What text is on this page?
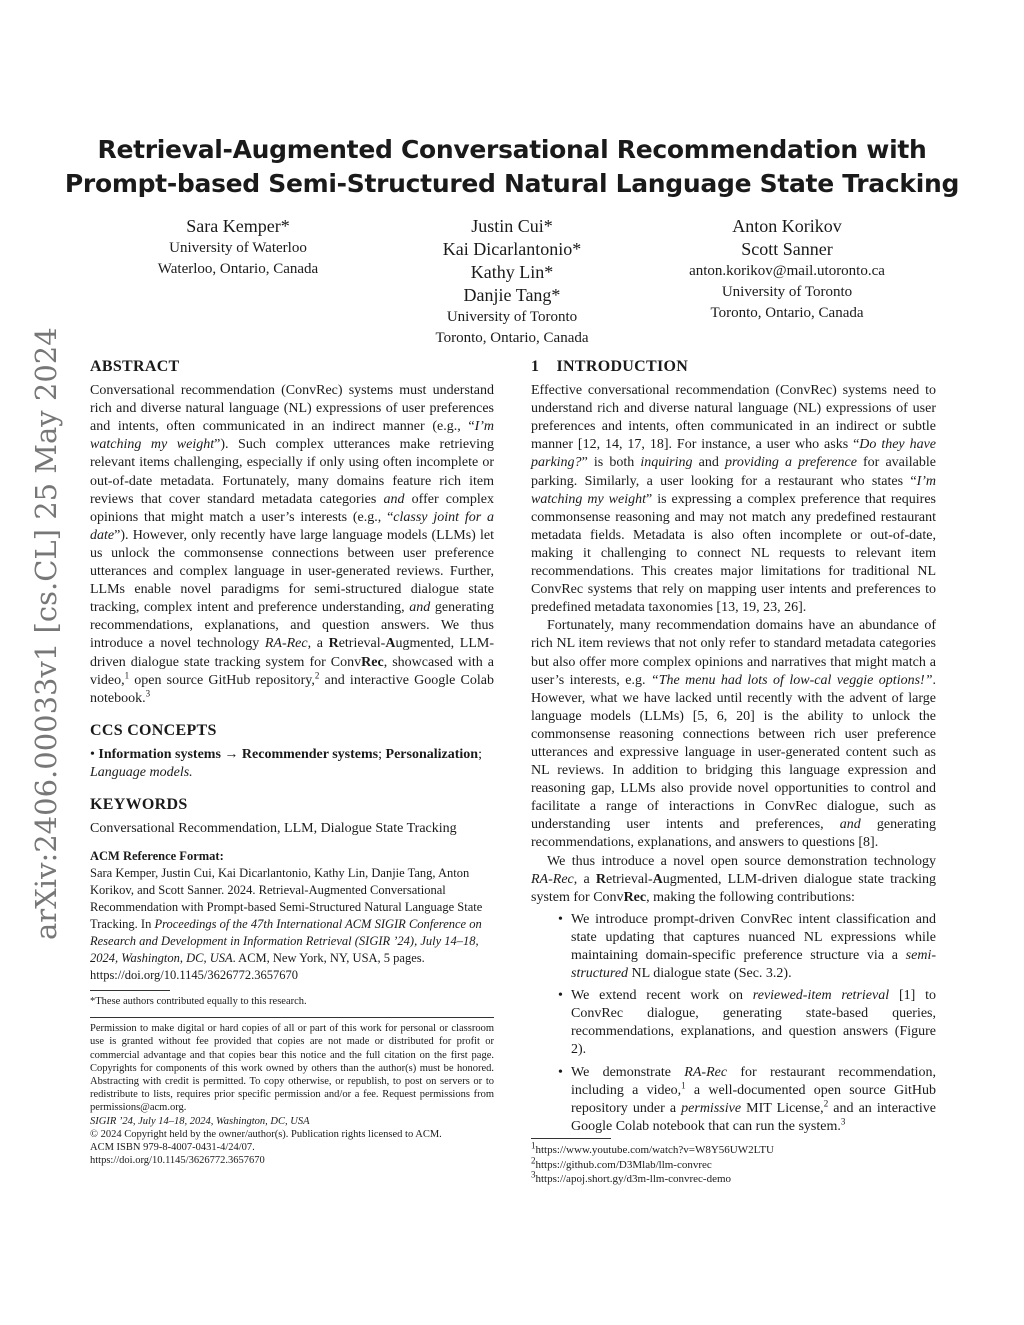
arXiv:2406.00033v1 [cs.CL] 25 May 2024
Retrieval-Augmented Conversational Recommendation with
Prompt-based Semi-Structured Natural Language State Tracking
Sara Kemper*
University of Waterloo
Waterloo, Ontario, Canada
Justin Cui*
Kai Dicarlantonio*
Kathy Lin*
Danjie Tang*
University of Toronto
Toronto, Ontario, Canada
Anton Korikov
Scott Sanner
anton.korikov@mail.utoronto.ca
University of Toronto
Toronto, Ontario, Canada
ABSTRACT

Conversational recommendation (ConvRec) systems must understand rich and diverse natural language (NL) expressions of user preferences and intents, often communicated in an indirect manner (e.g., “I’m watching my weight”). Such complex utterances make retrieving relevant items challenging, especially if only using often incomplete or out-of-date metadata. Fortunately, many domains feature rich item reviews that cover standard metadata categories and offer complex opinions that might match a user’s interests (e.g., “classy joint for a date”). However, only recently have large language models (LLMs) let us unlock the commonsense connections between user preference utterances and complex language in user-generated reviews. Further, LLMs enable novel paradigms for semi-structured dialogue state tracking, complex intent and preference understanding, and generating recommendations, explanations, and question answers. We thus introduce a novel technology RA-Rec, a Retrieval-Augmented, LLM-driven dialogue state tracking system for ConvRec, showcased with a video,$^1$ open source GitHub repository,$^2$ and interactive Google Colab notebook.$^3$

CCS CONCEPTS

• Information systems → Recommender systems; Personalization; Language models.

KEYWORDS

Conversational Recommendation, LLM, Dialogue State Tracking

ACM Reference Format:
Sara Kemper, Justin Cui, Kai Dicarlantonio, Kathy Lin, Danjie Tang, Anton Korikov, and Scott Sanner. 2024. Retrieval-Augmented Conversational Recommendation with Prompt-based Semi-Structured Natural Language State Tracking. In Proceedings of the 47th International ACM SIGIR Conference on Research and Development in Information Retrieval (SIGIR ’24), July 14–18, 2024, Washington, DC, USA. ACM, New York, NY, USA, 5 pages. https://doi.org/10.1145/3626772.3657670
*These authors contributed equally to this research.
Permission to make digital or hard copies of all or part of this work for personal or classroom use is granted without fee provided that copies are not made or distributed for profit or commercial advantage and that copies bear this notice and the full citation on the first page. Copyrights for components of this work owned by others than the author(s) must be honored. Abstracting with credit is permitted. To copy otherwise, or republish, to post on servers or to redistribute to lists, requires prior specific permission and/or a fee. Request permissions from permissions@acm.org.
SIGIR ’24, July 14–18, 2024, Washington, DC, USA
© 2024 Copyright held by the owner/author(s). Publication rights licensed to ACM.
ACM ISBN 979-8-4007-0431-4/24/07.
https://doi.org/10.1145/3626772.3657670
1    INTRODUCTION

Effective conversational recommendation (ConvRec) systems need to understand rich and diverse natural language (NL) expressions of user preferences and intents, often communicated in an indirect or subtle manner [12, 14, 17, 18]. For instance, a user who asks “Do they have parking?” is both inquiring and providing a preference for available parking. Similarly, a user looking for a restaurant who states “I’m watching my weight” is expressing a complex preference that requires commonsense reasoning and may not match any predefined restaurant metadata fields. Metadata is also often incomplete or out-of-date, making it challenging to connect NL requests to relevant item recommendations. This creates major limitations for traditional NL ConvRec systems that rely on mapping user intents and preferences to predefined metadata taxonomies [13, 19, 23, 26].

Fortunately, many recommendation domains have an abundance of rich NL item reviews that not only refer to standard metadata categories but also offer more complex opinions and narratives that might match a user’s interests, e.g. “The menu had lots of low-cal veggie options!”. However, what we have lacked until recently with the advent of large language models (LLMs) [5, 6, 20] is the ability to unlock the commonsense reasoning connections between rich user preference utterances and expressive language in user-generated content such as NL reviews. In addition to bridging this language expression and reasoning gap, LLMs also provide novel opportunities to control and facilitate a range of interactions in ConvRec dialogue, such as understanding user intents and preferences, and generating recommendations, explanations, and answers to questions [8].

We thus introduce a novel open source demonstration technology RA-Rec, a Retrieval-Augmented, LLM-driven dialogue state tracking system for ConvRec, making the following contributions:

• We introduce prompt-driven ConvRec intent classification and state updating that captures nuanced NL expressions while maintaining domain-specific preference structure via a semi-structured NL dialogue state (Sec. 3.2).
• We extend recent work on reviewed-item retrieval [1] to ConvRec dialogue, generating state-based queries, recommendations, explanations, and question answers (Figure 2).
• We demonstrate RA-Rec for restaurant recommendation, including a video,$^1$ a well-documented open source GitHub repository under a permissive MIT License,$^2$ and an interactive Google Colab notebook that can run the system.$^3$
$^1$https://www.youtube.com/watch?v=W8Y56UW2LTU
$^2$https://github.com/D3Mlab/llm-convrec
$^3$https://apoj.short.gy/d3m-llm-convrec-demo
